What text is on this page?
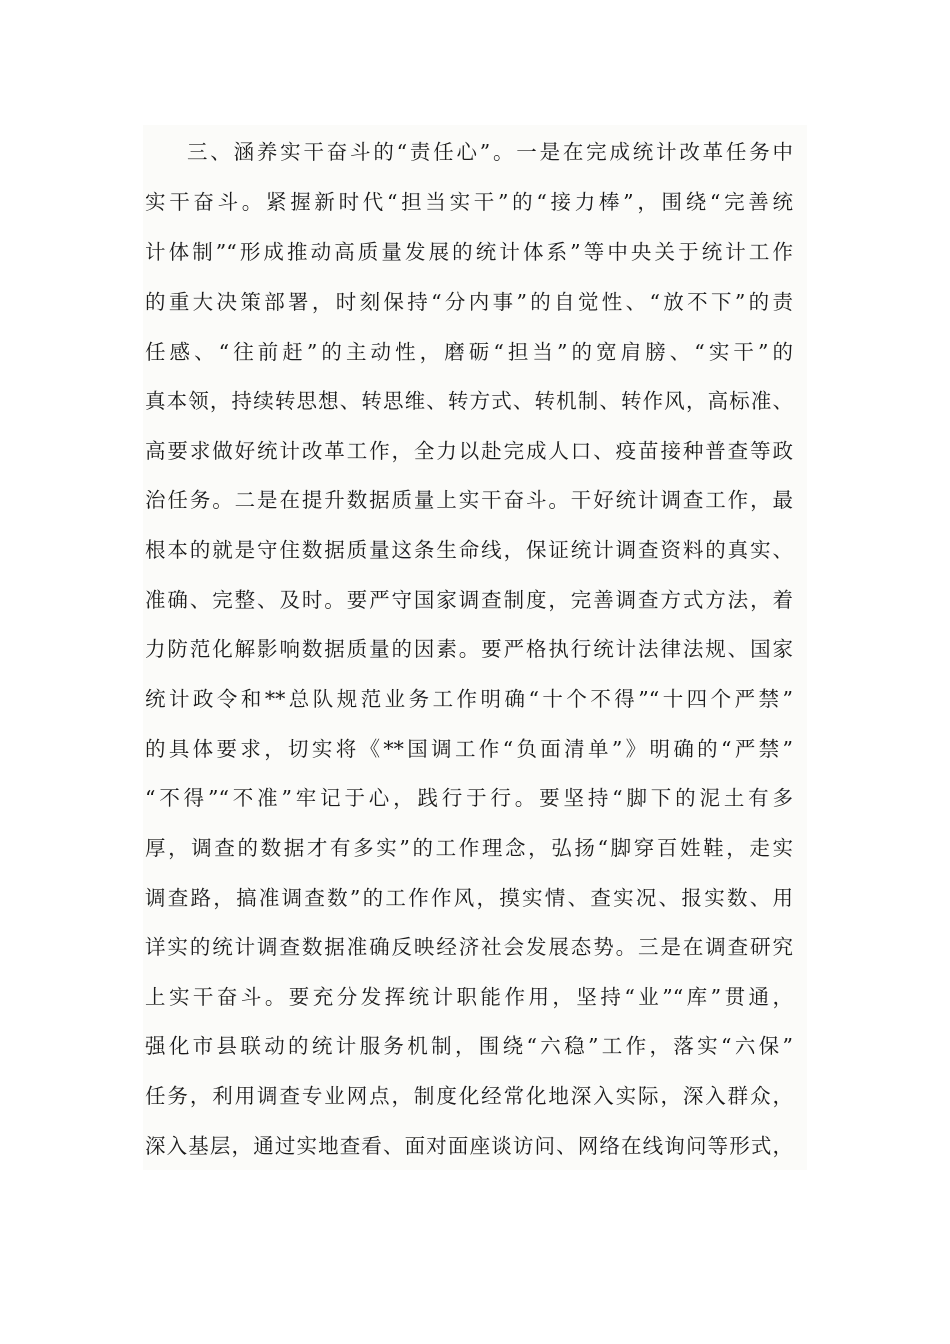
三、涵养实干奋斗的“责任心”。一是在完成统计改革任务中
实干奋斗。紧握新时代“担当实干”的“接力棒”，围绕“完善统
计体制”“形成推动高质量发展的统计体系”等中央关于统计工作
的重大决策部署，时刻保持“分内事”的自觉性、“放不下”的责
任感、“往前赶”的主动性，磨砺“担当”的宽肩膀、“实干”的
真本领，持续转思想、转思维、转方式、转机制、转作风，高标准、
高要求做好统计改革工作，全力以赴完成人口、疫苗接种普查等政
治任务。二是在提升数据质量上实干奋斗。干好统计调查工作，最
根本的就是守住数据质量这条生命线，保证统计调查资料的真实、
准确、完整、及时。要严守国家调查制度，完善调查方式方法，着
力防范化解影响数据质量的因素。要严格执行统计法律法规、国家
统计政令和**总队规范业务工作明确“十个不得”“十四个严禁”
的具体要求，切实将《**国调工作“负面清单”》明确的“严禁”
“不得”“不准”牢记于心，践行于行。要坚持“脚下的泥土有多
厚，调查的数据才有多实”的工作理念，弘扬“脚穿百姓鞋，走实
调查路，搞准调查数”的工作作风，摸实情、查实况、报实数、用
详实的统计调查数据准确反映经济社会发展态势。三是在调查研究
上实干奋斗。要充分发挥统计职能作用，坚持“业”“库”贯通，
强化市县联动的统计服务机制，围绕“六稳”工作，落实“六保”
任务，利用调查专业网点，制度化经常化地深入实际，深入群众，
深入基层，通过实地查看、面对面座谈访问、网络在线询问等形式，
